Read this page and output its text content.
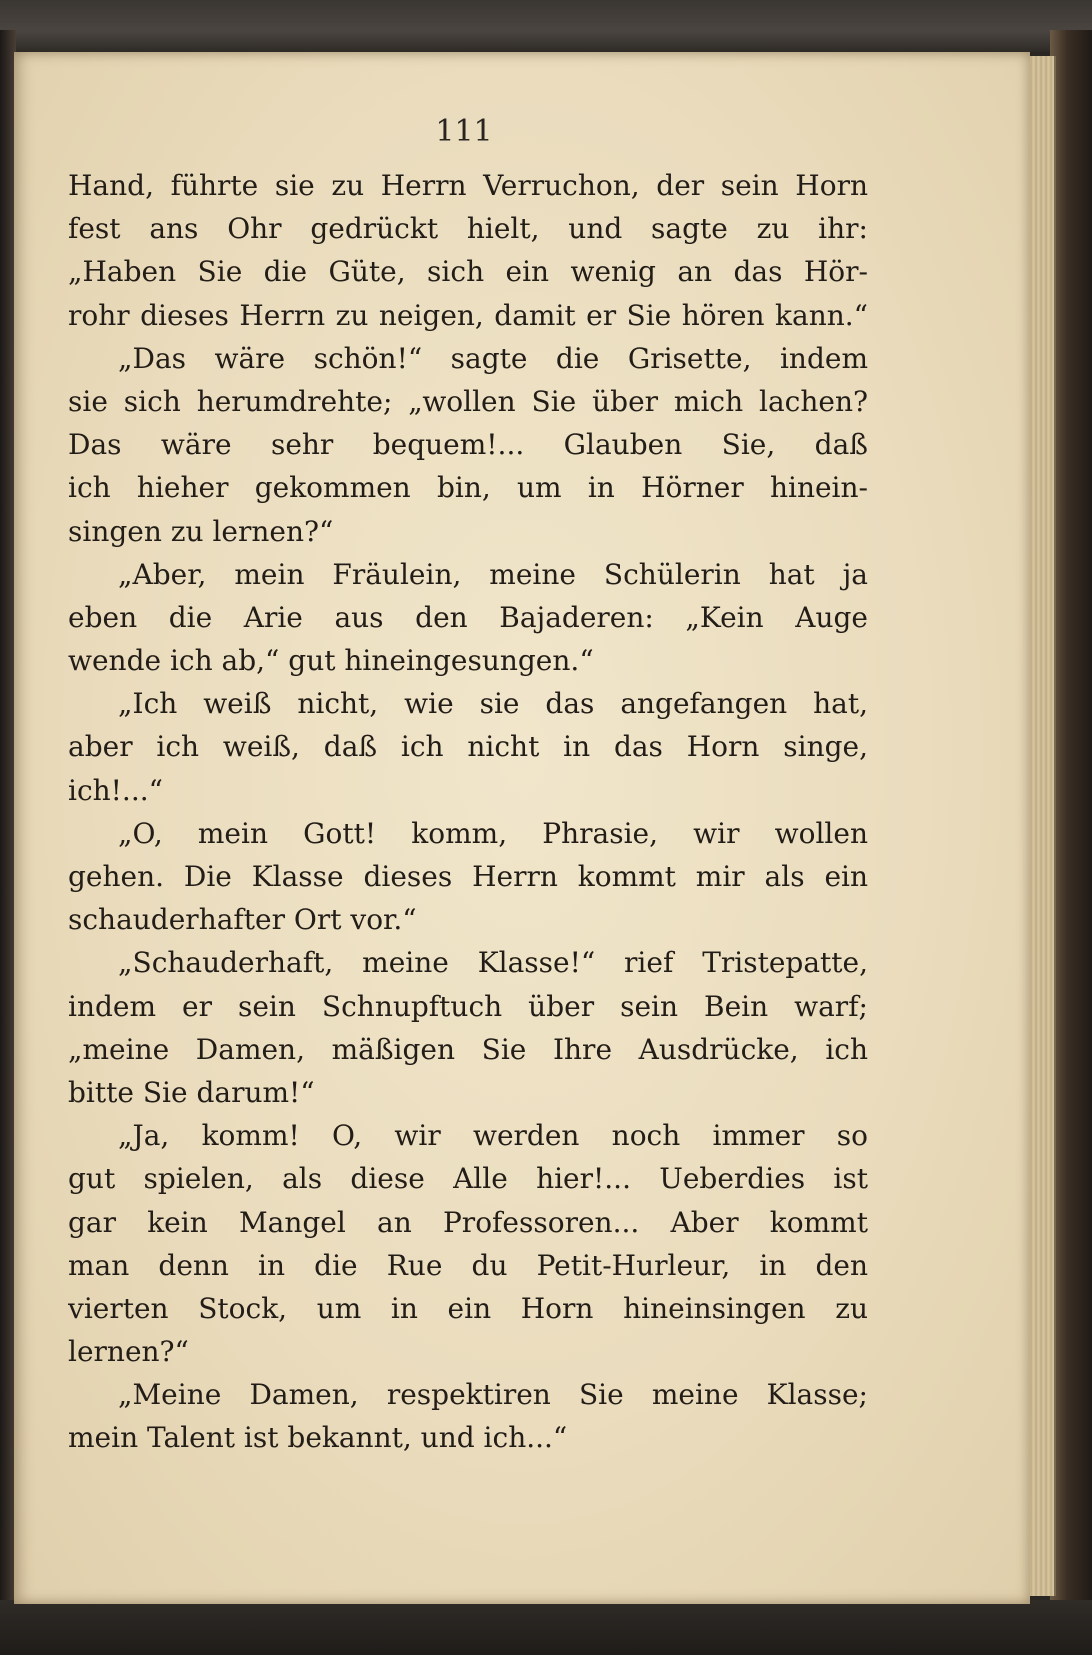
111
Hand, führte sie zu Herrn Verruchon, der sein Horn
fest ans Ohr gedrückt hielt, und sagte zu ihr:
„Haben Sie die Güte, sich ein wenig an das Hör-
rohr dieses Herrn zu neigen, damit er Sie hören kann.“
„Das wäre schön!“ sagte die Grisette, indem
sie sich herumdrehte; „wollen Sie über mich lachen?
Das wäre sehr bequem!... Glauben Sie, daß
ich hieher gekommen bin, um in Hörner hinein-
singen zu lernen?“
„Aber, mein Fräulein, meine Schülerin hat ja
eben die Arie aus den Bajaderen: „Kein Auge
wende ich ab,“ gut hineingesungen.“
„Ich weiß nicht, wie sie das angefangen hat,
aber ich weiß, daß ich nicht in das Horn singe,
ich!...“
„O, mein Gott! komm, Phrasie, wir wollen
gehen. Die Klasse dieses Herrn kommt mir als ein
schauderhafter Ort vor.“
„Schauderhaft, meine Klasse!“ rief Tristepatte,
indem er sein Schnupftuch über sein Bein warf;
„meine Damen, mäßigen Sie Ihre Ausdrücke, ich
bitte Sie darum!“
„Ja, komm! O, wir werden noch immer so
gut spielen, als diese Alle hier!... Ueberdies ist
gar kein Mangel an Professoren... Aber kommt
man denn in die Rue du Petit-Hurleur, in den
vierten Stock, um in ein Horn hineinsingen zu
lernen?“
„Meine Damen, respektiren Sie meine Klasse;
mein Talent ist bekannt, und ich...“
